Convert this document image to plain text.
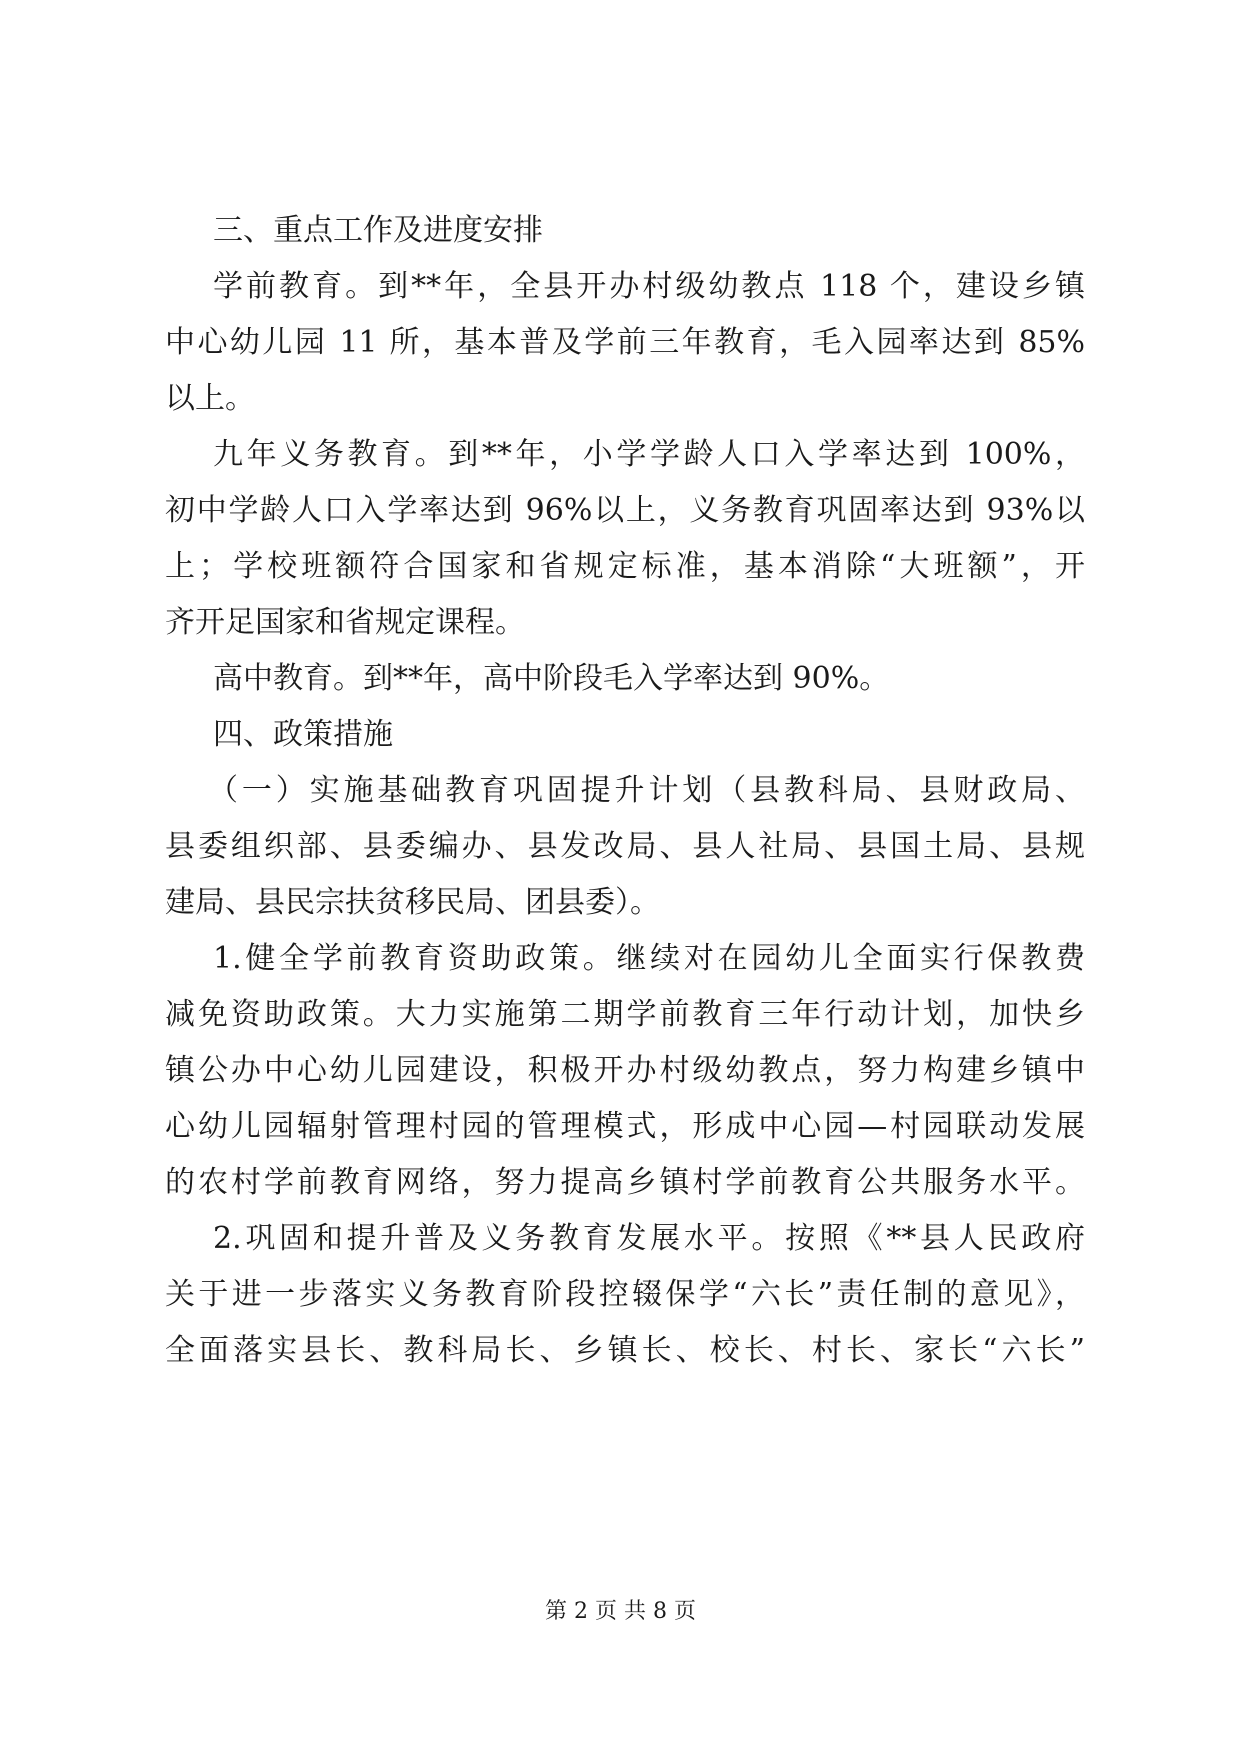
三、重点工作及进度安排
学前教育。到**年，全县开办村级幼教点 118 个，建设乡镇
中心幼儿园 11 所，基本普及学前三年教育，毛入园率达到 85%
以上。
九年义务教育。到**年，小学学龄人口入学率达到 100%，
初中学龄人口入学率达到 96%以上，义务教育巩固率达到 93%以
上；学校班额符合国家和省规定标准，基本消除“大班额”，开
齐开足国家和省规定课程。
高中教育。到**年，高中阶段毛入学率达到 90%。
四、政策措施
（一）实施基础教育巩固提升计划（县教科局、县财政局、
县委组织部、县委编办、县发改局、县人社局、县国土局、县规
建局、县民宗扶贫移民局、团县委）。
1.健全学前教育资助政策。继续对在园幼儿全面实行保教费
减免资助政策。大力实施第二期学前教育三年行动计划，加快乡
镇公办中心幼儿园建设，积极开办村级幼教点，努力构建乡镇中
心幼儿园辐射管理村园的管理模式，形成中心园—村园联动发展
的农村学前教育网络，努力提高乡镇村学前教育公共服务水平。
2.巩固和提升普及义务教育发展水平。按照《**县人民政府
关于进一步落实义务教育阶段控辍保学“六长”责任制的意见》，
全面落实县长、教科局长、乡镇长、校长、村长、家长“六长”
第 2 页 共 8 页
